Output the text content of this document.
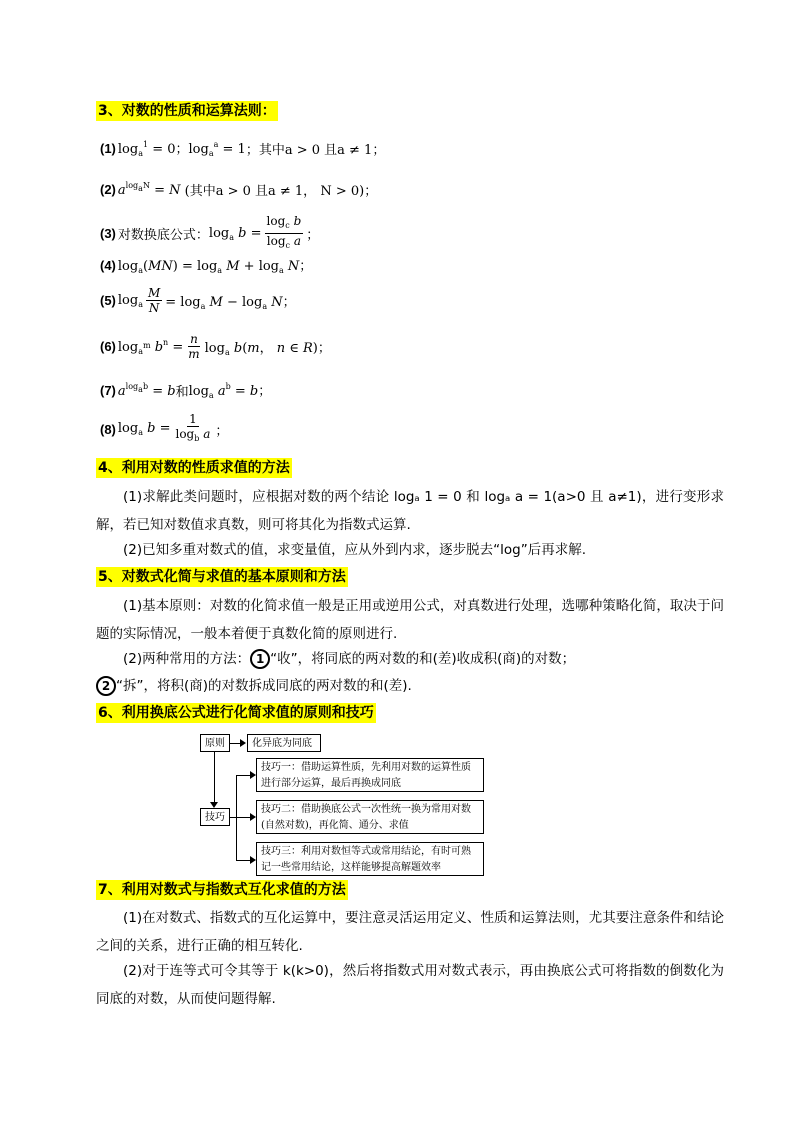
3、对数的性质和运算法则：
(1) $\log_a^1 = 0$；$\log_a^a = 1$ ；其中a > 0 且a ≠ 1；
(2) $a^{log_aN} = N$ (其中a > 0 且a ≠ 1， N > 0)；
(3) 对数换底公式： $\log_a b = \frac{\log_c b}{\log_c a}$ ；
(4) $\log_a(MN) = \log_a M + \log_a N$；
(5) $\log_a \frac{M}{N} = \log_a M - \log_a N$；
(6) $\log_{a^m} b^n = \frac{n}{m} \log_a b(m$， n ∈ R)；
(7) $a^{log_ab} = b$ 和 $\log_a a^b = b$；
(8) $\log_a b = \frac{1}{\log_b a}$ ；
4、利用对数的性质求值的方法
(1)求解此类问题时，应根据对数的两个结论 logₐ 1 = 0 和 logₐ a = 1(a>0 且 a≠1)，进行变形求解，若已知对数值求真数，则可将其化为指数式运算.
(2)已知多重对数式的值，求变量值，应从外到内求，逐步脱去“log”后再求解.
5、对数式化简与求值的基本原则和方法
(1)基本原则：对数的化简求值一般是正用或逆用公式，对真数进行处理，选哪种策略化简，取决于问题的实际情况，一般本着便于真数化简的原则进行.
(2)两种常用的方法： 1 “收”，将同底的两对数的和(差)收成积(商)的对数；
2 “拆”，将积(商)的对数拆成同底的两对数的和(差).
6、利用换底公式进行化简求值的原则和技巧
原则	化异底为同底
技巧
技巧一：借助运算性质，先利用对数的运算性质进行部分运算，最后再换成同底
技巧二：借助换底公式一次性统一换为常用对数(自然对数)，再化简、通分、求值
技巧三：利用对数恒等式或常用结论，有时可熟记一些常用结论，这样能够提高解题效率
7、利用对数式与指数式互化求值的方法
(1)在对数式、指数式的互化运算中，要注意灵活运用定义、性质和运算法则，尤其要注意条件和结论之间的关系，进行正确的相互转化.
(2)对于连等式可令其等于 k(k>0)，然后将指数式用对数式表示，再由换底公式可将指数的倒数化为同底的对数，从而使问题得解.
